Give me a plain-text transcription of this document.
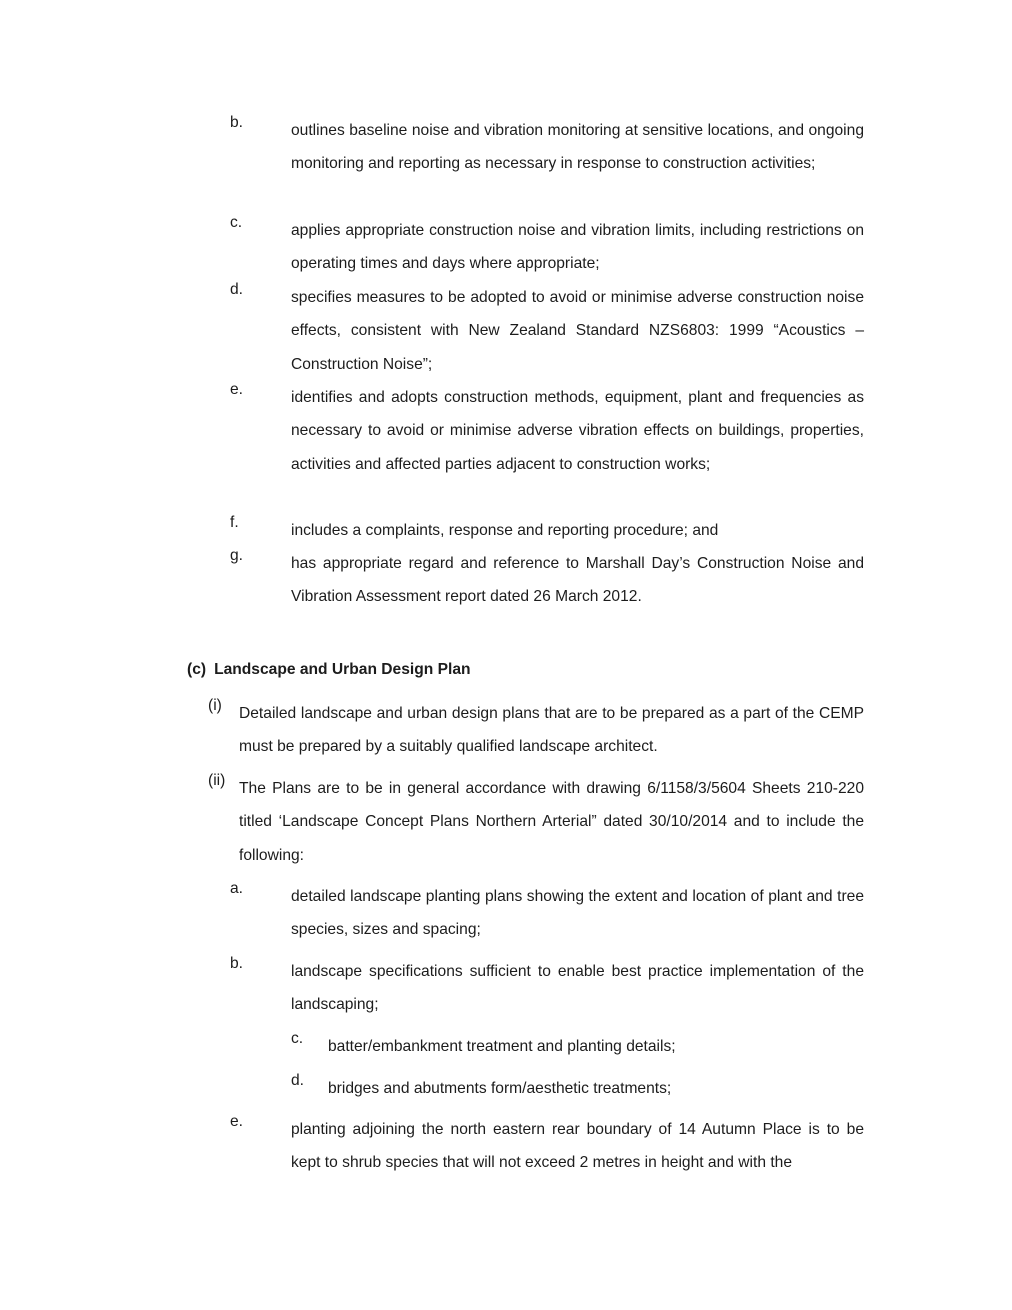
b.	outlines baseline noise and vibration monitoring at sensitive locations, and ongoing monitoring and reporting as necessary in response to construction activities;
c.	applies appropriate construction noise and vibration limits, including restrictions on operating times and days where appropriate;
d.	specifies measures to be adopted to avoid or minimise adverse construction noise effects, consistent with New Zealand Standard NZS6803: 1999 “Acoustics – Construction Noise”;
e.	identifies and adopts construction methods, equipment, plant and frequencies as necessary to avoid or minimise adverse vibration effects on buildings, properties, activities and affected parties adjacent to construction works;
f.	includes a complaints, response and reporting procedure; and
g.	has appropriate regard and reference to Marshall Day’s Construction Noise and Vibration Assessment report dated 26 March 2012.
(c) Landscape and Urban Design Plan
(i) Detailed landscape and urban design plans that are to be prepared as a part of the CEMP must be prepared by a suitably qualified landscape architect.
(ii) The Plans are to be in general accordance with drawing 6/1158/3/5604 Sheets 210-220 titled ‘Landscape Concept Plans Northern Arterial” dated 30/10/2014 and to include the following:
a.	detailed landscape planting plans showing the extent and location of plant and tree species, sizes and spacing;
b.	landscape specifications sufficient to enable best practice implementation of the landscaping;
c. batter/embankment treatment and planting details;
d. bridges and abutments form/aesthetic treatments;
e.	planting adjoining the north eastern rear boundary of 14 Autumn Place is to be kept to shrub species that will not exceed 2 metres in height and with the
